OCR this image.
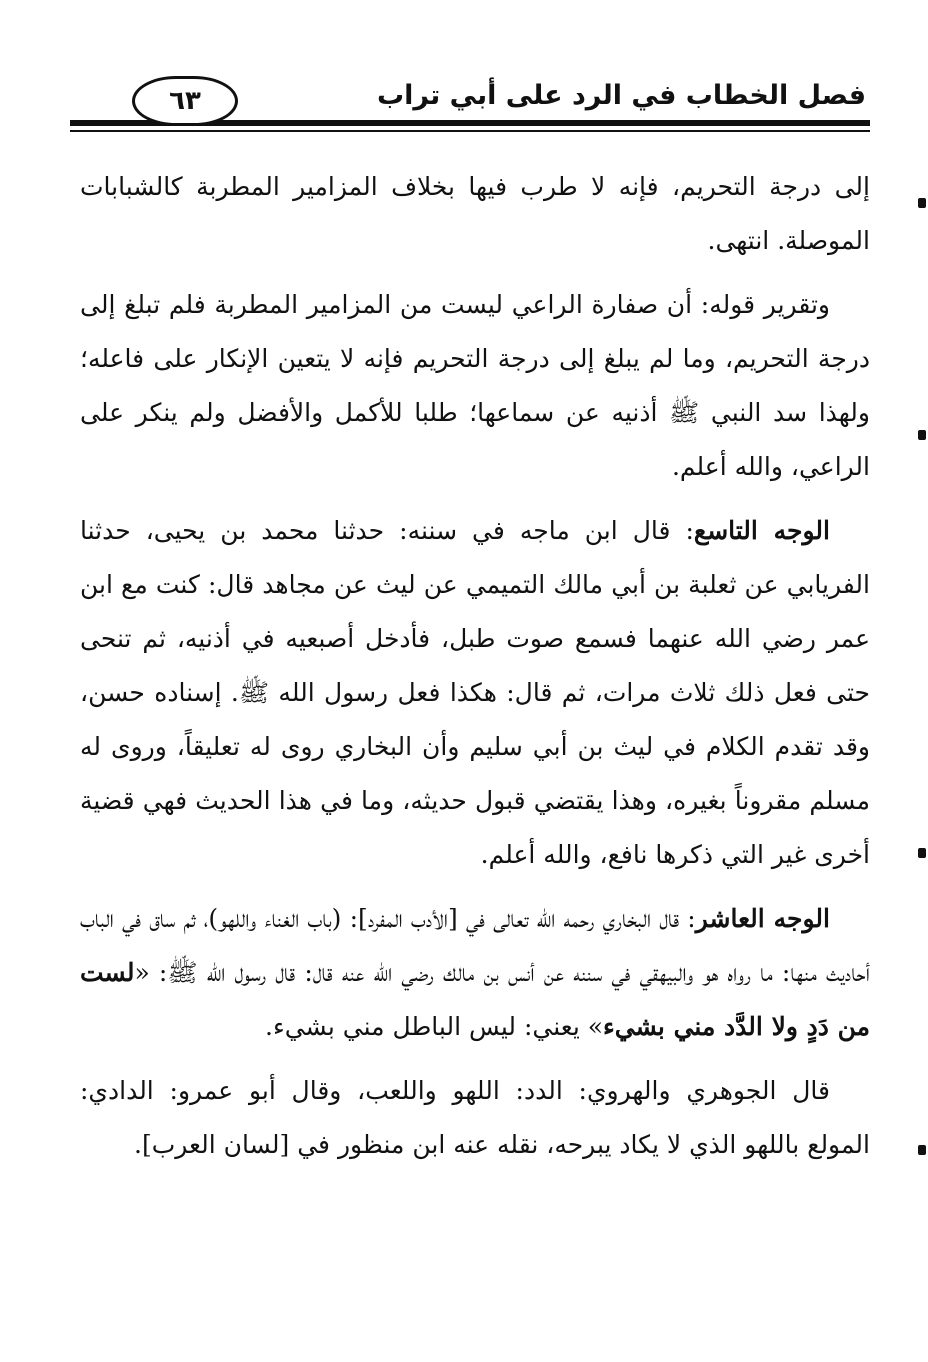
فصل الخطاب في الرد على أبي تراب
٦٣

إلى درجة التحريم، فإنه لا طرب فيها بخلاف المزامير المطربة كالشبابات الموصلة. انتهى.

وتقرير قوله: أن صفارة الراعي ليست من المزامير المطربة فلم تبلغ إلى درجة التحريم، وما لم يبلغ إلى درجة التحريم فإنه لا يتعين الإنكار على فاعله؛ ولهذا سد النبي ﷺ أذنيه عن سماعها؛ طلبا للأكمل والأفضل ولم ينكر على الراعي، والله أعلم.

الوجه التاسع: قال ابن ماجه في سننه: حدثنا محمد بن يحيى، حدثنا الفريابي عن ثعلبة بن أبي مالك التميمي عن ليث عن مجاهد قال: كنت مع ابن عمر رضي الله عنهما فسمع صوت طبل، فأدخل أصبعيه في أذنيه، ثم تنحى حتى فعل ذلك ثلاث مرات، ثم قال: هكذا فعل رسول الله ﷺ. إسناده حسن، وقد تقدم الكلام في ليث بن أبي سليم وأن البخاري روى له تعليقاً، وروى له مسلم مقروناً بغيره، وهذا يقتضي قبول حديثه، وما في هذا الحديث فهي قضية أخرى غير التي ذكرها نافع، والله أعلم.

الوجه العاشر: قال البخاري رحمه الله تعالى في [الأدب المفرد]: (باب الغناء واللهو)، ثم ساق في الباب أحاديث منها: ما رواه هو والبيهقي في سننه عن أنس بن مالك رضي الله عنه قال: قال رسول الله ﷺ: «لست من دَدٍ ولا الدَّد مني بشيء» يعني: ليس الباطل مني بشيء.

قال الجوهري والهروي: الدد: اللهو واللعب، وقال أبو عمرو: الدادي: المولع باللهو الذي لا يكاد يبرحه، نقله عنه ابن منظور في [لسان العرب].
